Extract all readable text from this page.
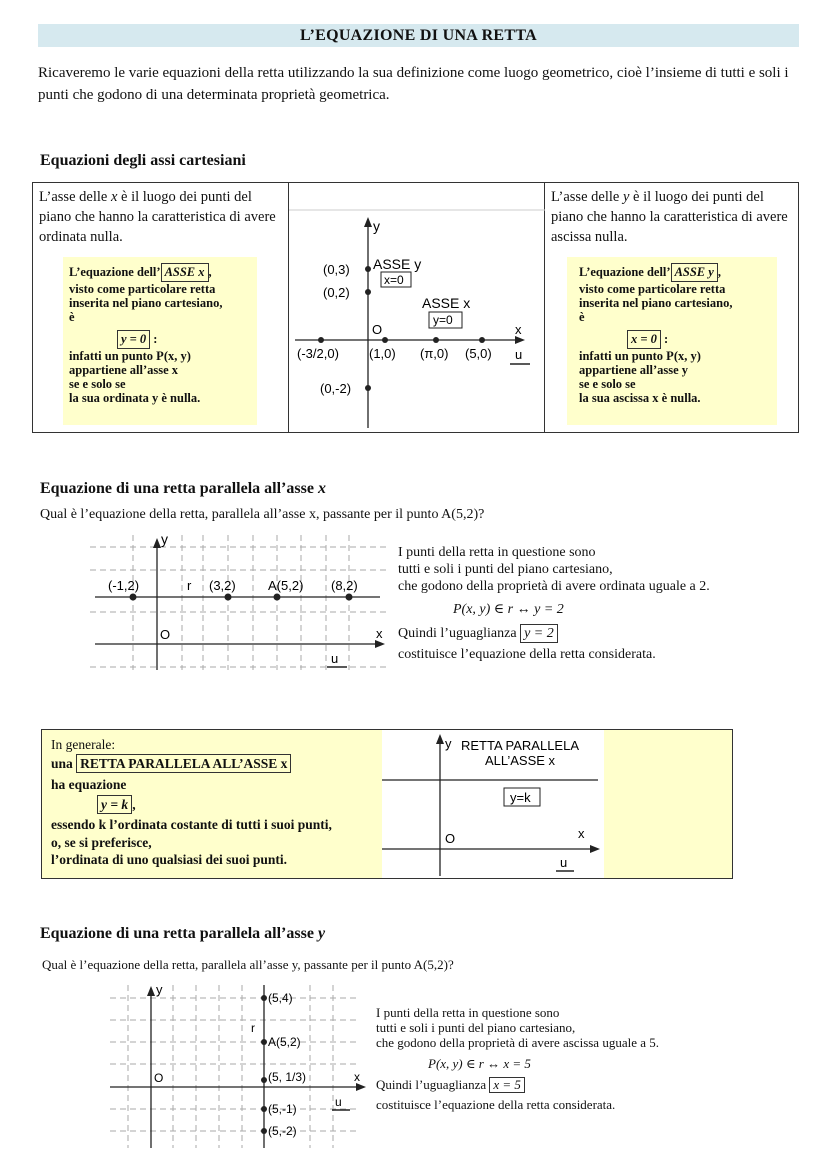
L’EQUAZIONE DI UNA RETTA
Ricaveremo le varie equazioni della retta utilizzando la sua definizione come luogo geometrico, cioè l’insieme di tutti e soli i punti che godono di una determinata proprietà geometrica.
Equazioni degli assi cartesiani
L’asse delle x è il luogo dei punti del piano che hanno la caratteristica di avere ordinata nulla.
L’equazione dell’ ASSE x ,
visto come particolare retta inserita nel piano cartesiano,
è
y = 0 :
infatti un punto P(x, y)
appartiene all’asse x
se e solo se
la sua ordinata y è nulla.
y
x
u
O
ASSE y
x=0
ASSE x
y=0
(0,3)
(0,2)
(0,-2)
(-3/2,0) (1,0) (π,0) (5,0)
L’asse delle y è il luogo dei punti del piano che hanno la caratteristica di avere ascissa nulla.
L’equazione dell’ ASSE y ,
visto come particolare retta inserita nel piano cartesiano,
è
x = 0 :
infatti un punto P(x, y)
appartiene all’asse y
se e solo se
la sua ascissa x è nulla.
Equazione di una retta parallela all’asse x
Qual è l’equazione della retta, parallela all’asse x, passante per il punto A(5,2)?
y
x
O
u
r
(-1,2)	(3,2) A(5,2) (8,2)
I punti della retta in questione sono
tutti e soli i punti del piano cartesiano,
che godono della proprietà di avere ordinata uguale a 2.
P(x, y) ∈ r ↔ y = 2
Quindi l’uguaglianza y = 2
costituisce l’equazione della retta considerata.
In generale:
una RETTA PARALLELA ALL’ASSE x
ha equazione
y = k ,
essendo k l’ordinata costante di tutti i suoi punti,
o, se si preferisce,
l’ordinata di uno qualsiasi dei suoi punti.
y RETTA PARALLELA
ALL’ASSE x
y=k
O	x
u
Equazione di una retta parallela all’asse y
Qual è l’equazione della retta, parallela all’asse y, passante per il punto A(5,2)?
y
x
O
u
r
(5,4)
A(5,2)
(5, 1/3)
(5,-1)
(5,-2)
I punti della retta in questione sono
tutti e soli i punti del piano cartesiano,
che godono della proprietà di avere ascissa uguale a 5.
P(x, y) ∈ r ↔ x = 5
Quindi l’uguaglianza x = 5
costituisce l’equazione della retta considerata.
